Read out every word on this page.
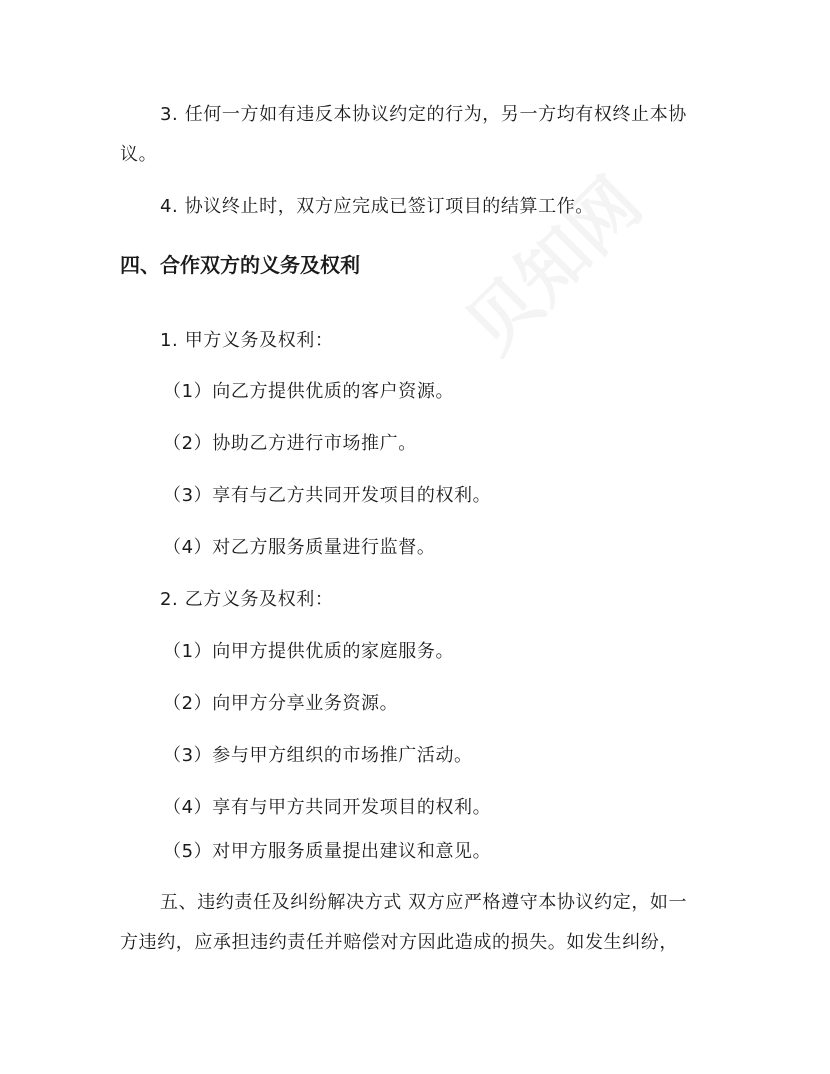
3. 任何一方如有违反本协议约定的行为，另一方均有权终止本协
议。
4. 协议终止时，双方应完成已签订项目的结算工作。
四、合作双方的义务及权利
1. 甲方义务及权利：
（1）向乙方提供优质的客户资源。
（2）协助乙方进行市场推广。
（3）享有与乙方共同开发项目的权利。
（4）对乙方服务质量进行监督。
2. 乙方义务及权利：
（1）向甲方提供优质的家庭服务。
（2）向甲方分享业务资源。
（3）参与甲方组织的市场推广活动。
（4）享有与甲方共同开发项目的权利。
（5）对甲方服务质量提出建议和意见。
五、违约责任及纠纷解决方式 双方应严格遵守本协议约定，如一
方违约，应承担违约责任并赔偿对方因此造成的损失。如发生纠纷，
